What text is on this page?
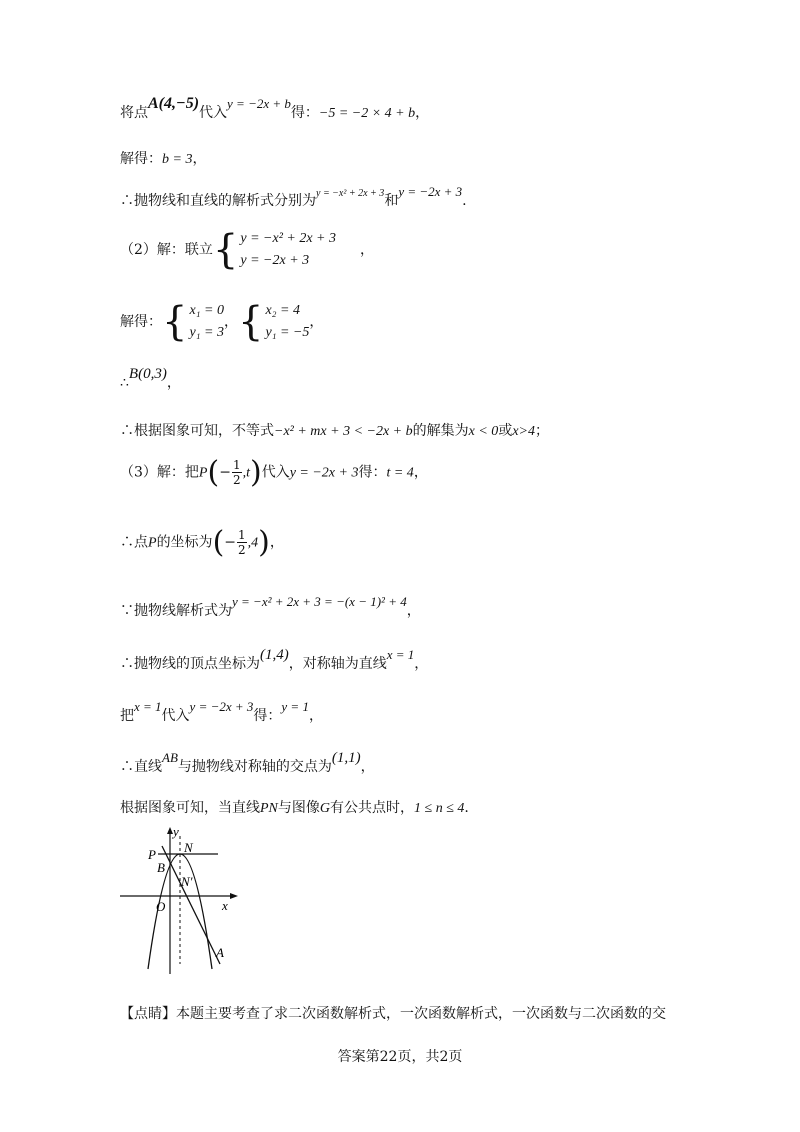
将点A(4,−5)代入y = −2x + b得：−5 = −2 × 4 + b，
解得：b = 3，
∴抛物线和直线的解析式分别为$^{y = -x^2 + 2x + 3}$和y = −2x + 3.
（2）解：联立{ y = −x² + 2x + 3
y = −2x + 3，
解得：{ x₁ = 0
y₁ = 3，{ x₂ = 4
y₁ = −5，
∴B(0,3)，
∴根据图象可知，不等式−x² + mx + 3 < −2x + b的解集为x < 0或x>4；
（3）解：把$P(- \frac{1}{2} ,t)$代入y = −2x + 3得：t = 4，
∴点P的坐标为(− $\frac{1}{2} ,4$)，
∵抛物线解析式为y = −x² + 2x + 3 = −(x − 1)² + 4，
∴抛物线的顶点坐标为(1,4)，对称轴为直线x = 1，
把x = 1代入y = −2x + 3得：y = 1，
∴直线AB与抛物线对称轴的交点为(1,1)，
根据图象可知，当直线PN与图像G有公共点时，1 ≤ n ≤ 4.
y
x
O
P
B
N
N′
A
【点睛】本题主要考查了求二次函数解析式，一次函数解析式，一次函数与二次函数的交
答案第22页，共2页
